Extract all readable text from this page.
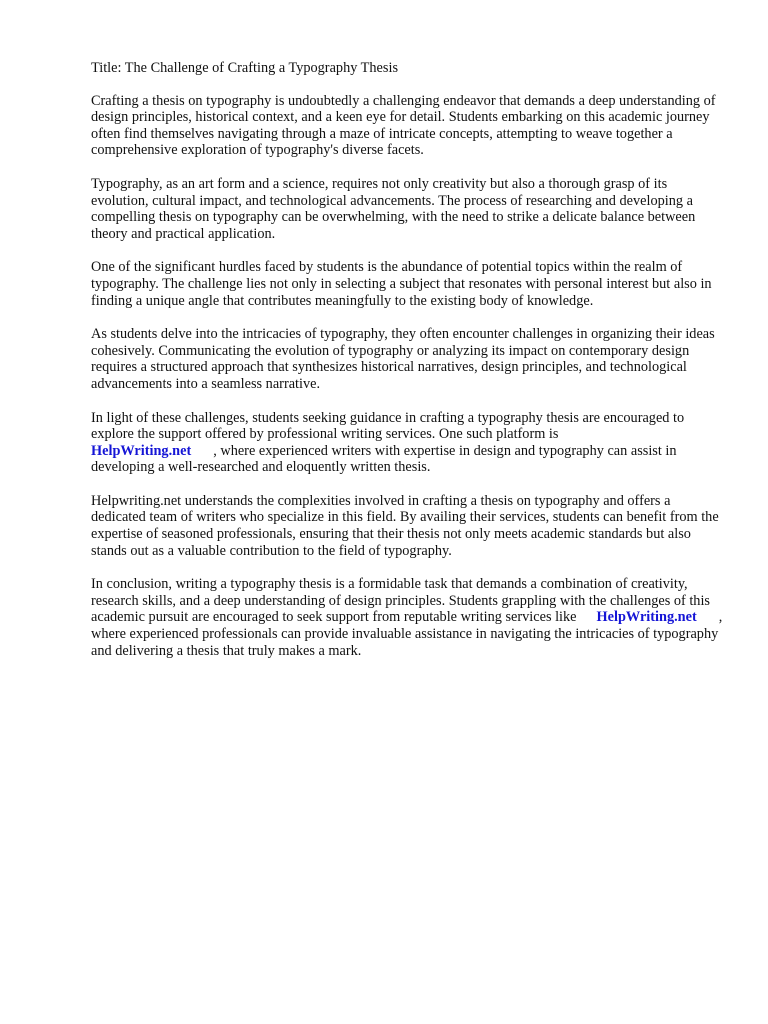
Title: The Challenge of Crafting a Typography Thesis

Crafting a thesis on typography is undoubtedly a challenging endeavor that demands a deep understanding of design principles, historical context, and a keen eye for detail. Students embarking on this academic journey often find themselves navigating through a maze of intricate concepts, attempting to weave together a comprehensive exploration of typography's diverse facets.

Typography, as an art form and a science, requires not only creativity but also a thorough grasp of its evolution, cultural impact, and technological advancements. The process of researching and developing a compelling thesis on typography can be overwhelming, with the need to strike a delicate balance between theory and practical application.

One of the significant hurdles faced by students is the abundance of potential topics within the realm of typography. The challenge lies not only in selecting a subject that resonates with personal interest but also in finding a unique angle that contributes meaningfully to the existing body of knowledge.

As students delve into the intricacies of typography, they often encounter challenges in organizing their ideas cohesively. Communicating the evolution of typography or analyzing its impact on contemporary design requires a structured approach that synthesizes historical narratives, design principles, and technological advancements into a seamless narrative.

In light of these challenges, students seeking guidance in crafting a typography thesis are encouraged to explore the support offered by professional writing services. One such platform is
HelpWriting.net , where experienced writers with expertise in design and typography can assist in developing a well-researched and eloquently written thesis.

Helpwriting.net understands the complexities involved in crafting a thesis on typography and offers a dedicated team of writers who specialize in this field. By availing their services, students can benefit from the expertise of seasoned professionals, ensuring that their thesis not only meets academic standards but also stands out as a valuable contribution to the field of typography.

In conclusion, writing a typography thesis is a formidable task that demands a combination of creativity, research skills, and a deep understanding of design principles. Students grappling with the challenges of this academic pursuit are encouraged to seek support from reputable writing services like HelpWriting.net , where experienced professionals can provide invaluable assistance in navigating the intricacies of typography and delivering a thesis that truly makes a mark.
